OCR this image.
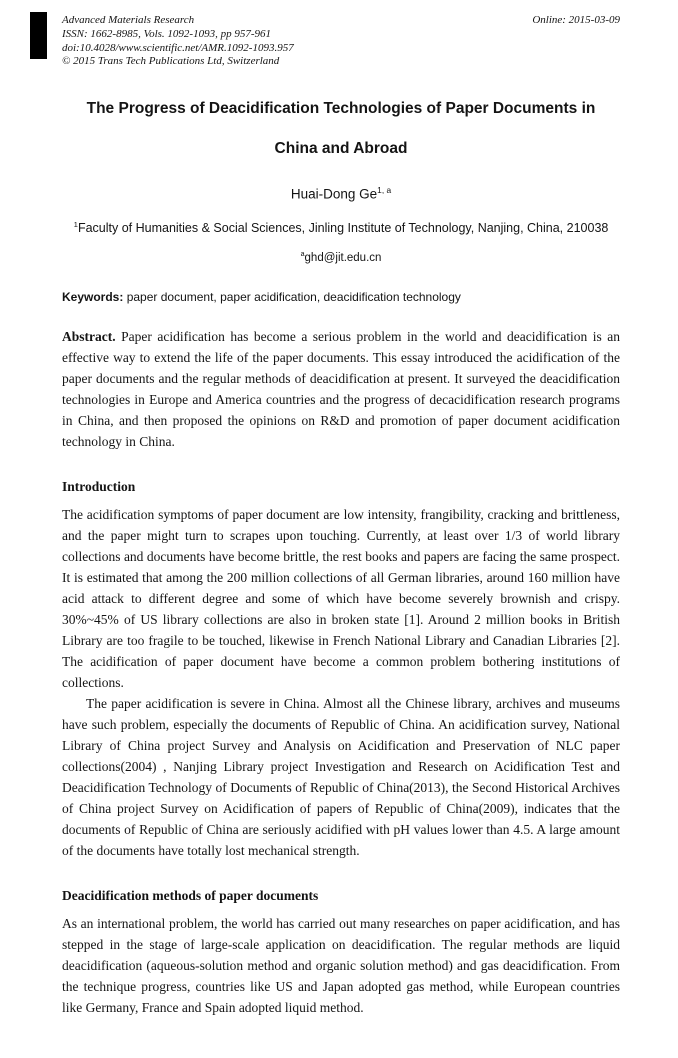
Advanced Materials Research
ISSN: 1662-8985, Vols. 1092-1093, pp 957-961
doi:10.4028/www.scientific.net/AMR.1092-1093.957
© 2015 Trans Tech Publications Ltd, Switzerland
Online: 2015-03-09
The Progress of Deacidification Technologies of Paper Documents in
China and Abroad
Huai-Dong Ge$^{1, a}$
$^1$Faculty of Humanities & Social Sciences, Jinling Institute of Technology, Nanjing, China, 210038
$^a$ghd@jit.edu.cn
Keywords: paper document, paper acidification, deacidification technology
Abstract. Paper acidification has become a serious problem in the world and deacidification is an effective way to extend the life of the paper documents. This essay introduced the acidification of the paper documents and the regular methods of deacidification at present. It surveyed the deacidification technologies in Europe and America countries and the progress of decacidification research programs in China, and then proposed the opinions on R&D and promotion of paper document acidification technology in China.
Introduction

The acidification symptoms of paper document are low intensity, frangibility, cracking and brittleness, and the paper might turn to scrapes upon touching. Currently, at least over 1/3 of world library collections and documents have become brittle, the rest books and papers are facing the same prospect. It is estimated that among the 200 million collections of all German libraries, around 160 million have acid attack to different degree and some of which have become severely brownish and crispy. 30%~45% of US library collections are also in broken state [1]. Around 2 million books in British Library are too fragile to be touched, likewise in French National Library and Canadian Libraries [2]. The acidification of paper document have become a common problem bothering institutions of collections.

The paper acidification is severe in China. Almost all the Chinese library, archives and museums have such problem, especially the documents of Republic of China. An acidification survey, National Library of China project Survey and Analysis on Acidification and Preservation of NLC paper collections(2004) , Nanjing Library project Investigation and Research on Acidification Test and Deacidification Technology of Documents of Republic of China(2013), the Second Historical Archives of China project Survey on Acidification of papers of Republic of China(2009), indicates that the documents of Republic of China are seriously acidified with pH values lower than 4.5. A large amount of the documents have totally lost mechanical strength.

Deacidification methods of paper documents

As an international problem, the world has carried out many researches on paper acidification, and has stepped in the stage of large-scale application on deacidification. The regular methods are liquid deacidification (aqueous-solution method and organic solution method) and gas deacidification. From the technique progress, countries like US and Japan adopted gas method, while European countries like Germany, France and Spain adopted liquid method.
